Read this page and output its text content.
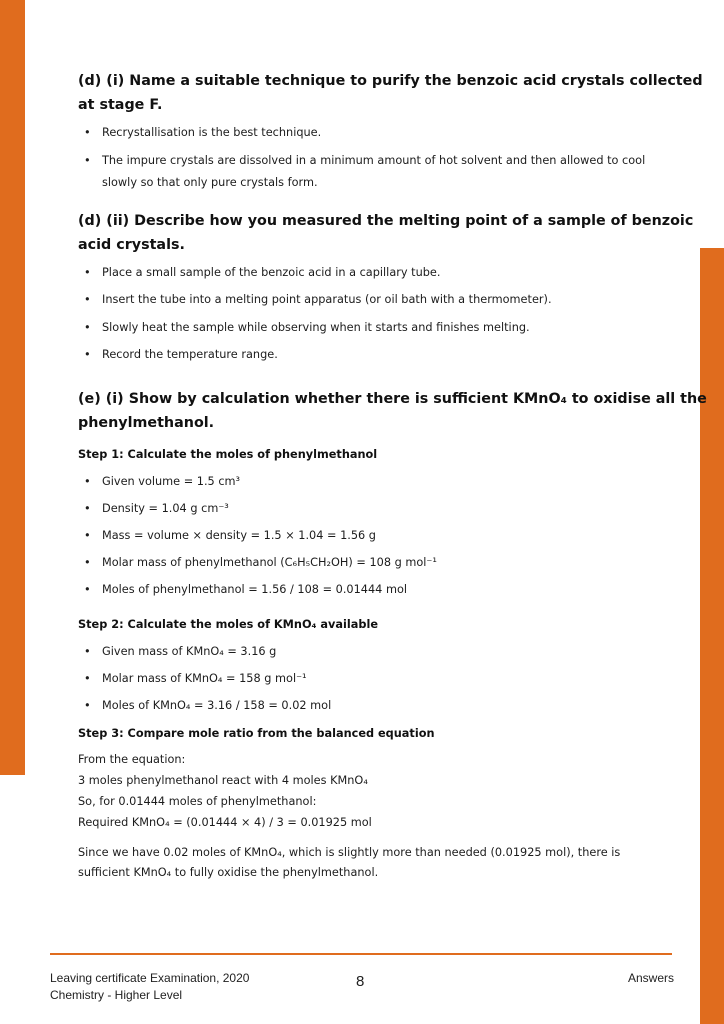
(d) (i) Name a suitable technique to purify the benzoic acid crystals collected
at stage F.
• Recrystallisation is the best technique.
• The impure crystals are dissolved in a minimum amount of hot solvent and then allowed to cool
slowly so that only pure crystals form.
(d) (ii) Describe how you measured the melting point of a sample of benzoic
acid crystals.
• Place a small sample of the benzoic acid in a capillary tube.
• Insert the tube into a melting point apparatus (or oil bath with a thermometer).
• Slowly heat the sample while observing when it starts and finishes melting.
• Record the temperature range.
(e) (i) Show by calculation whether there is sufficient KMnO₄ to oxidise all the
phenylmethanol.
Step 1: Calculate the moles of phenylmethanol
• Given volume = 1.5 cm³
• Density = 1.04 g cm⁻³
• Mass = volume × density = 1.5 × 1.04 = 1.56 g
• Molar mass of phenylmethanol (C₆H₅CH₂OH) = 108 g mol⁻¹
• Moles of phenylmethanol = 1.56 / 108 = 0.01444 mol
Step 2: Calculate the moles of KMnO₄ available
• Given mass of KMnO₄ = 3.16 g
• Molar mass of KMnO₄ = 158 g mol⁻¹
• Moles of KMnO₄ = 3.16 / 158 = 0.02 mol
Step 3: Compare mole ratio from the balanced equation
From the equation:
3 moles phenylmethanol react with 4 moles KMnO₄
So, for 0.01444 moles of phenylmethanol:
Required KMnO₄ = (0.01444 × 4) / 3 = 0.01925 mol
Since we have 0.02 moles of KMnO₄, which is slightly more than needed (0.01925 mol), there is
sufficient KMnO₄ to fully oxidise the phenylmethanol.
Leaving certificate Examination, 2020
Chemistry - Higher Level
8	Answers
